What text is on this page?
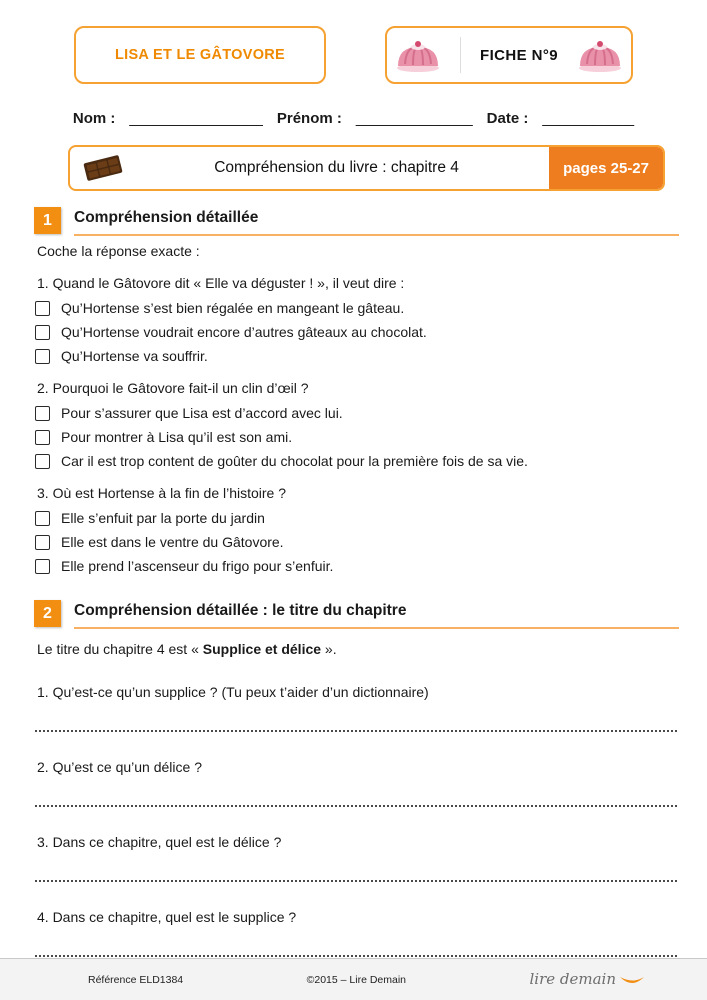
LISA ET LE GÂTOVORE	FICHE N°9
Nom : ________________ Prénom : ______________ Date : ___________
Compréhension du livre : chapitre 4	pages 25-27
1	Compréhension détaillée
Coche la réponse exacte :
1. Quand le Gâtovore dit « Elle va déguster ! », il veut dire :
Qu’Hortense s’est bien régalée en mangeant le gâteau.
Qu’Hortense voudrait encore d’autres gâteaux au chocolat.
Qu’Hortense va souffrir.
2. Pourquoi le Gâtovore fait-il un clin d’œil ?
Pour s’assurer que Lisa est d’accord avec lui.
Pour montrer à Lisa qu’il est son ami.
Car il est trop content de goûter du chocolat pour la première fois de sa vie.
3. Où est Hortense à la fin de l’histoire ?
Elle s’enfuit par la porte du jardin
Elle est dans le ventre du Gâtovore.
Elle prend l’ascenseur du frigo pour s’enfuir.
2	Compréhension détaillée : le titre du chapitre
Le titre du chapitre 4 est « Supplice et délice ».
1. Qu’est-ce qu’un supplice ? (Tu peux t’aider d’un dictionnaire)
2. Qu’est ce qu’un délice ?
3. Dans ce chapitre, quel est le délice ?
4. Dans ce chapitre, quel est le supplice ?
Référence ELD1384	©2015 – Lire Demain	lire demain
